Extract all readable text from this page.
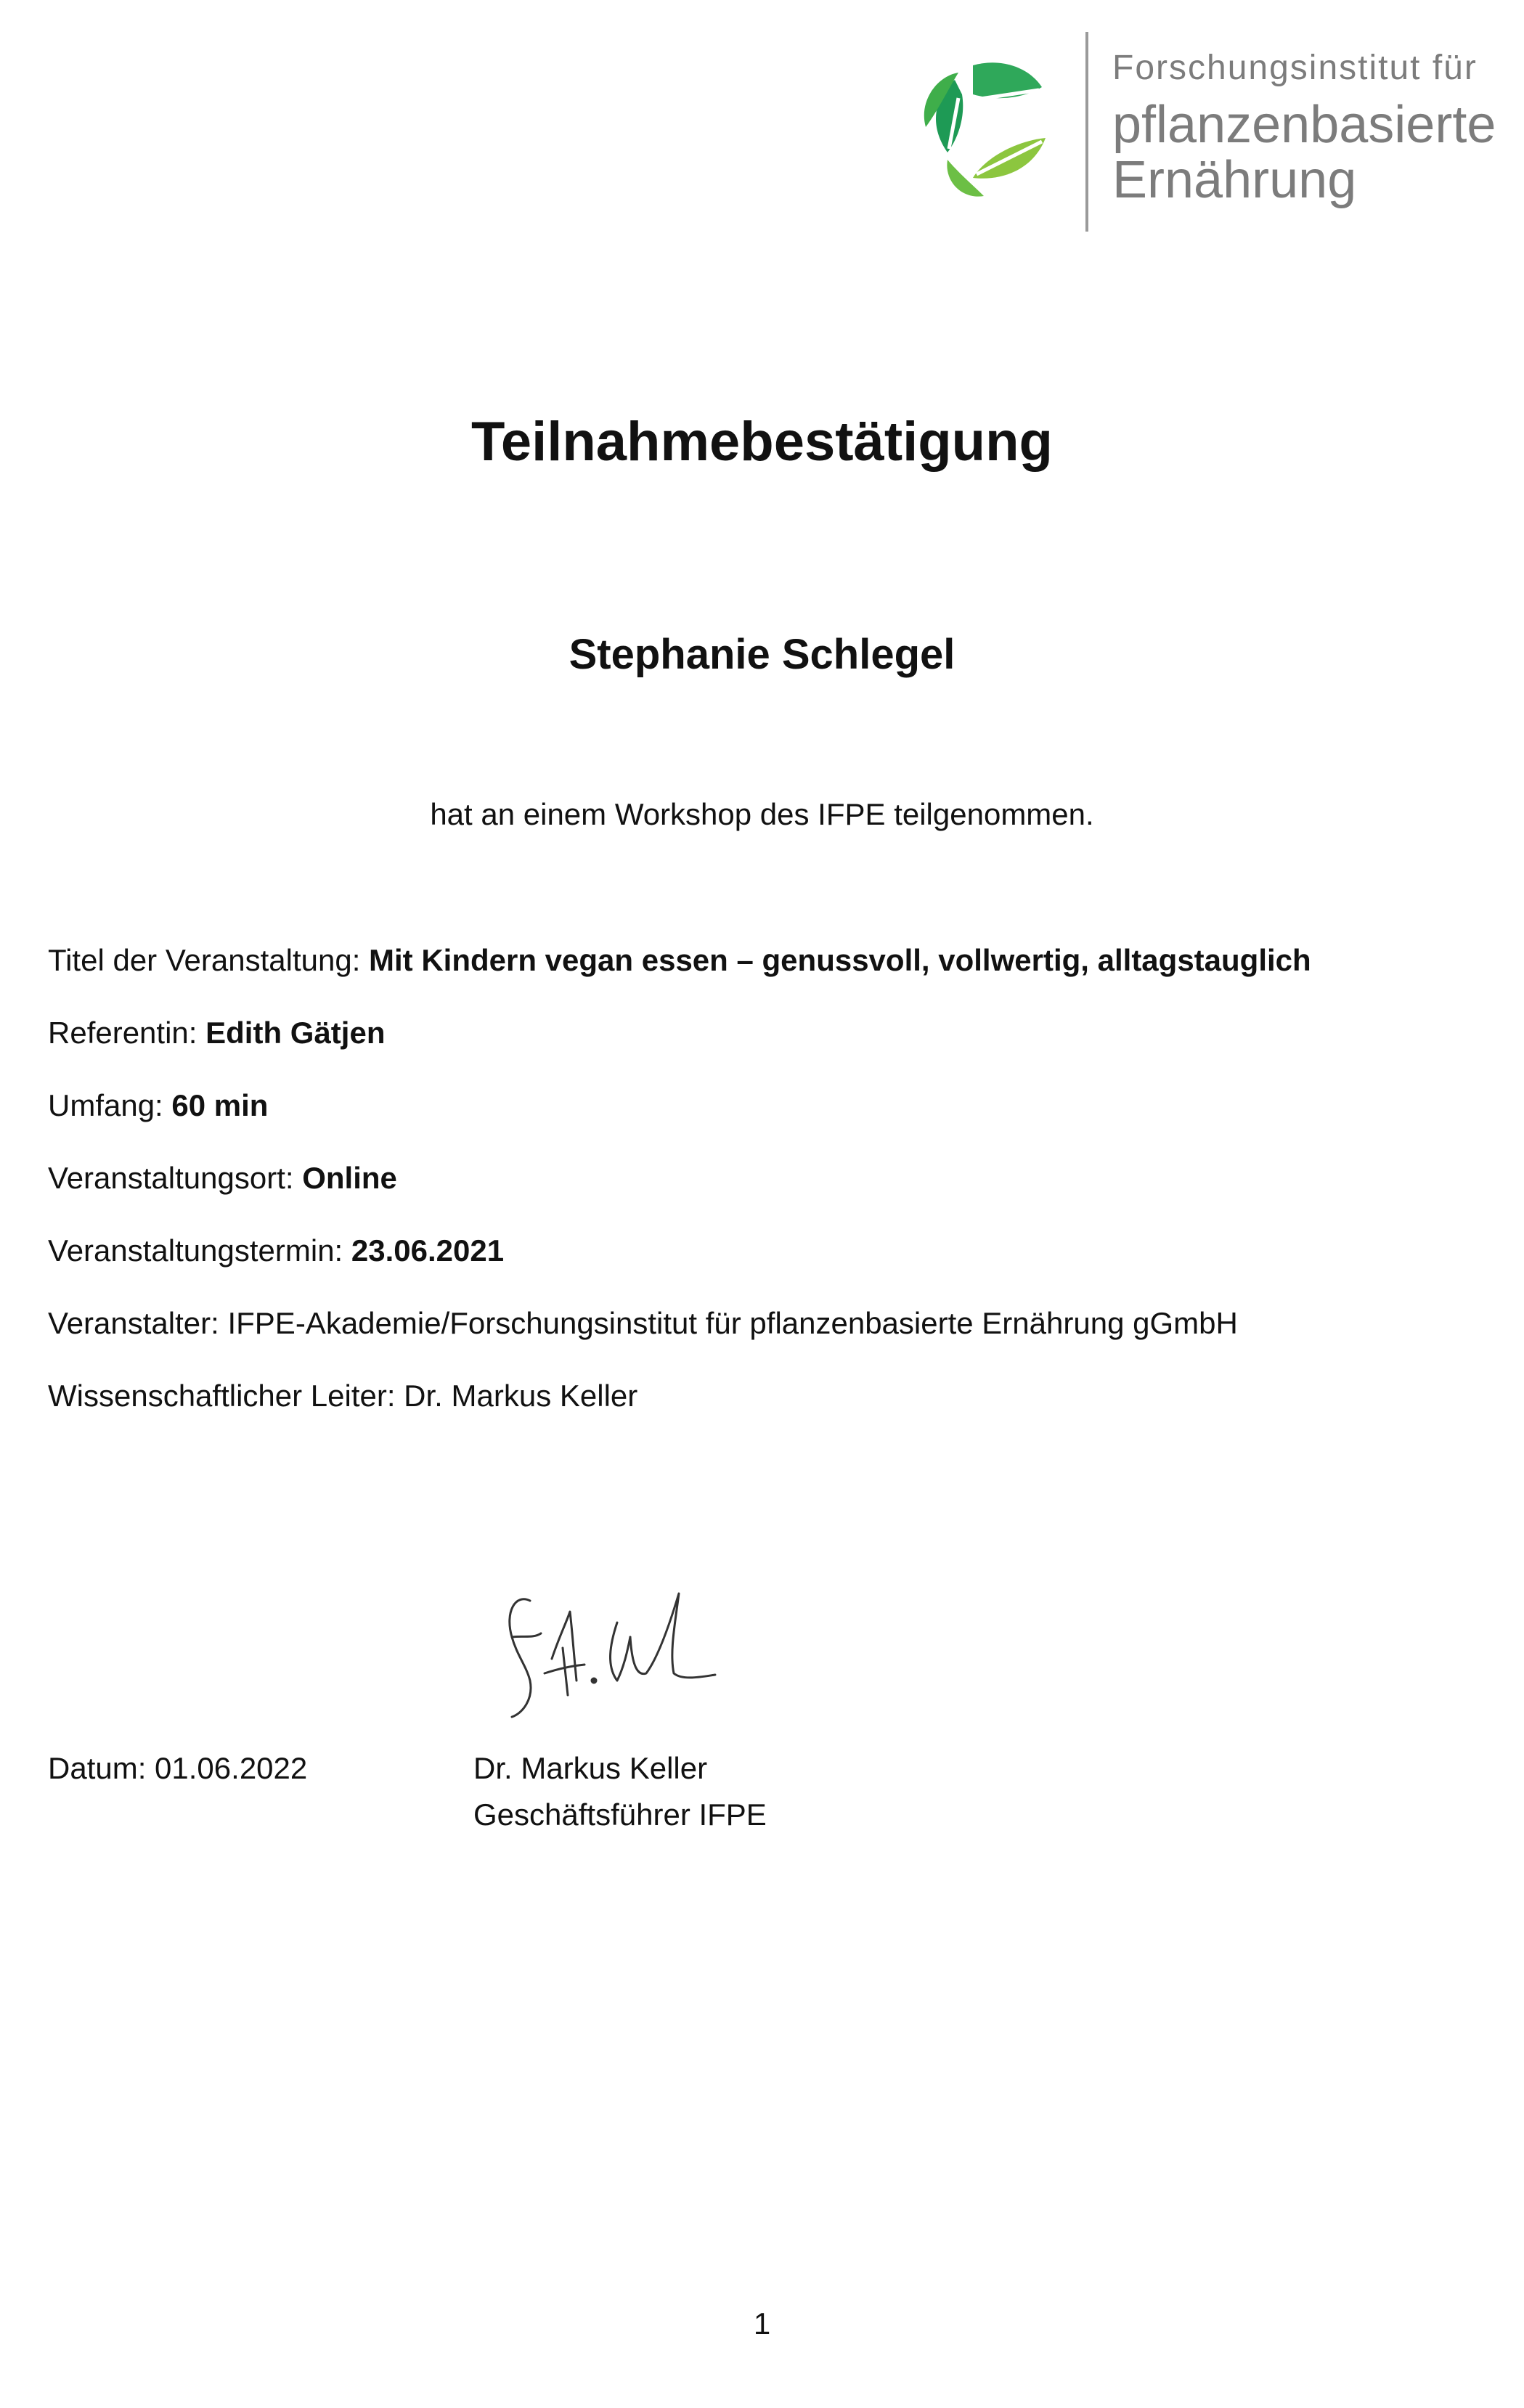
Forschungsinstitut für
pflanzenbasierte
Ernährung
Teilnahmebestätigung
Stephanie Schlegel
hat an einem Workshop des IFPE teilgenommen.
Titel der Veranstaltung: Mit Kindern vegan essen – genussvoll, vollwertig, alltagstauglich
Referentin: Edith Gätjen
Umfang: 60 min
Veranstaltungsort: Online
Veranstaltungstermin: 23.06.2021
Veranstalter: IFPE-Akademie/Forschungsinstitut für pflanzenbasierte Ernährung gGmbH
Wissenschaftlicher Leiter: Dr. Markus Keller
Datum: 01.06.2022	Dr. Markus Keller
Geschäftsführer IFPE
1
